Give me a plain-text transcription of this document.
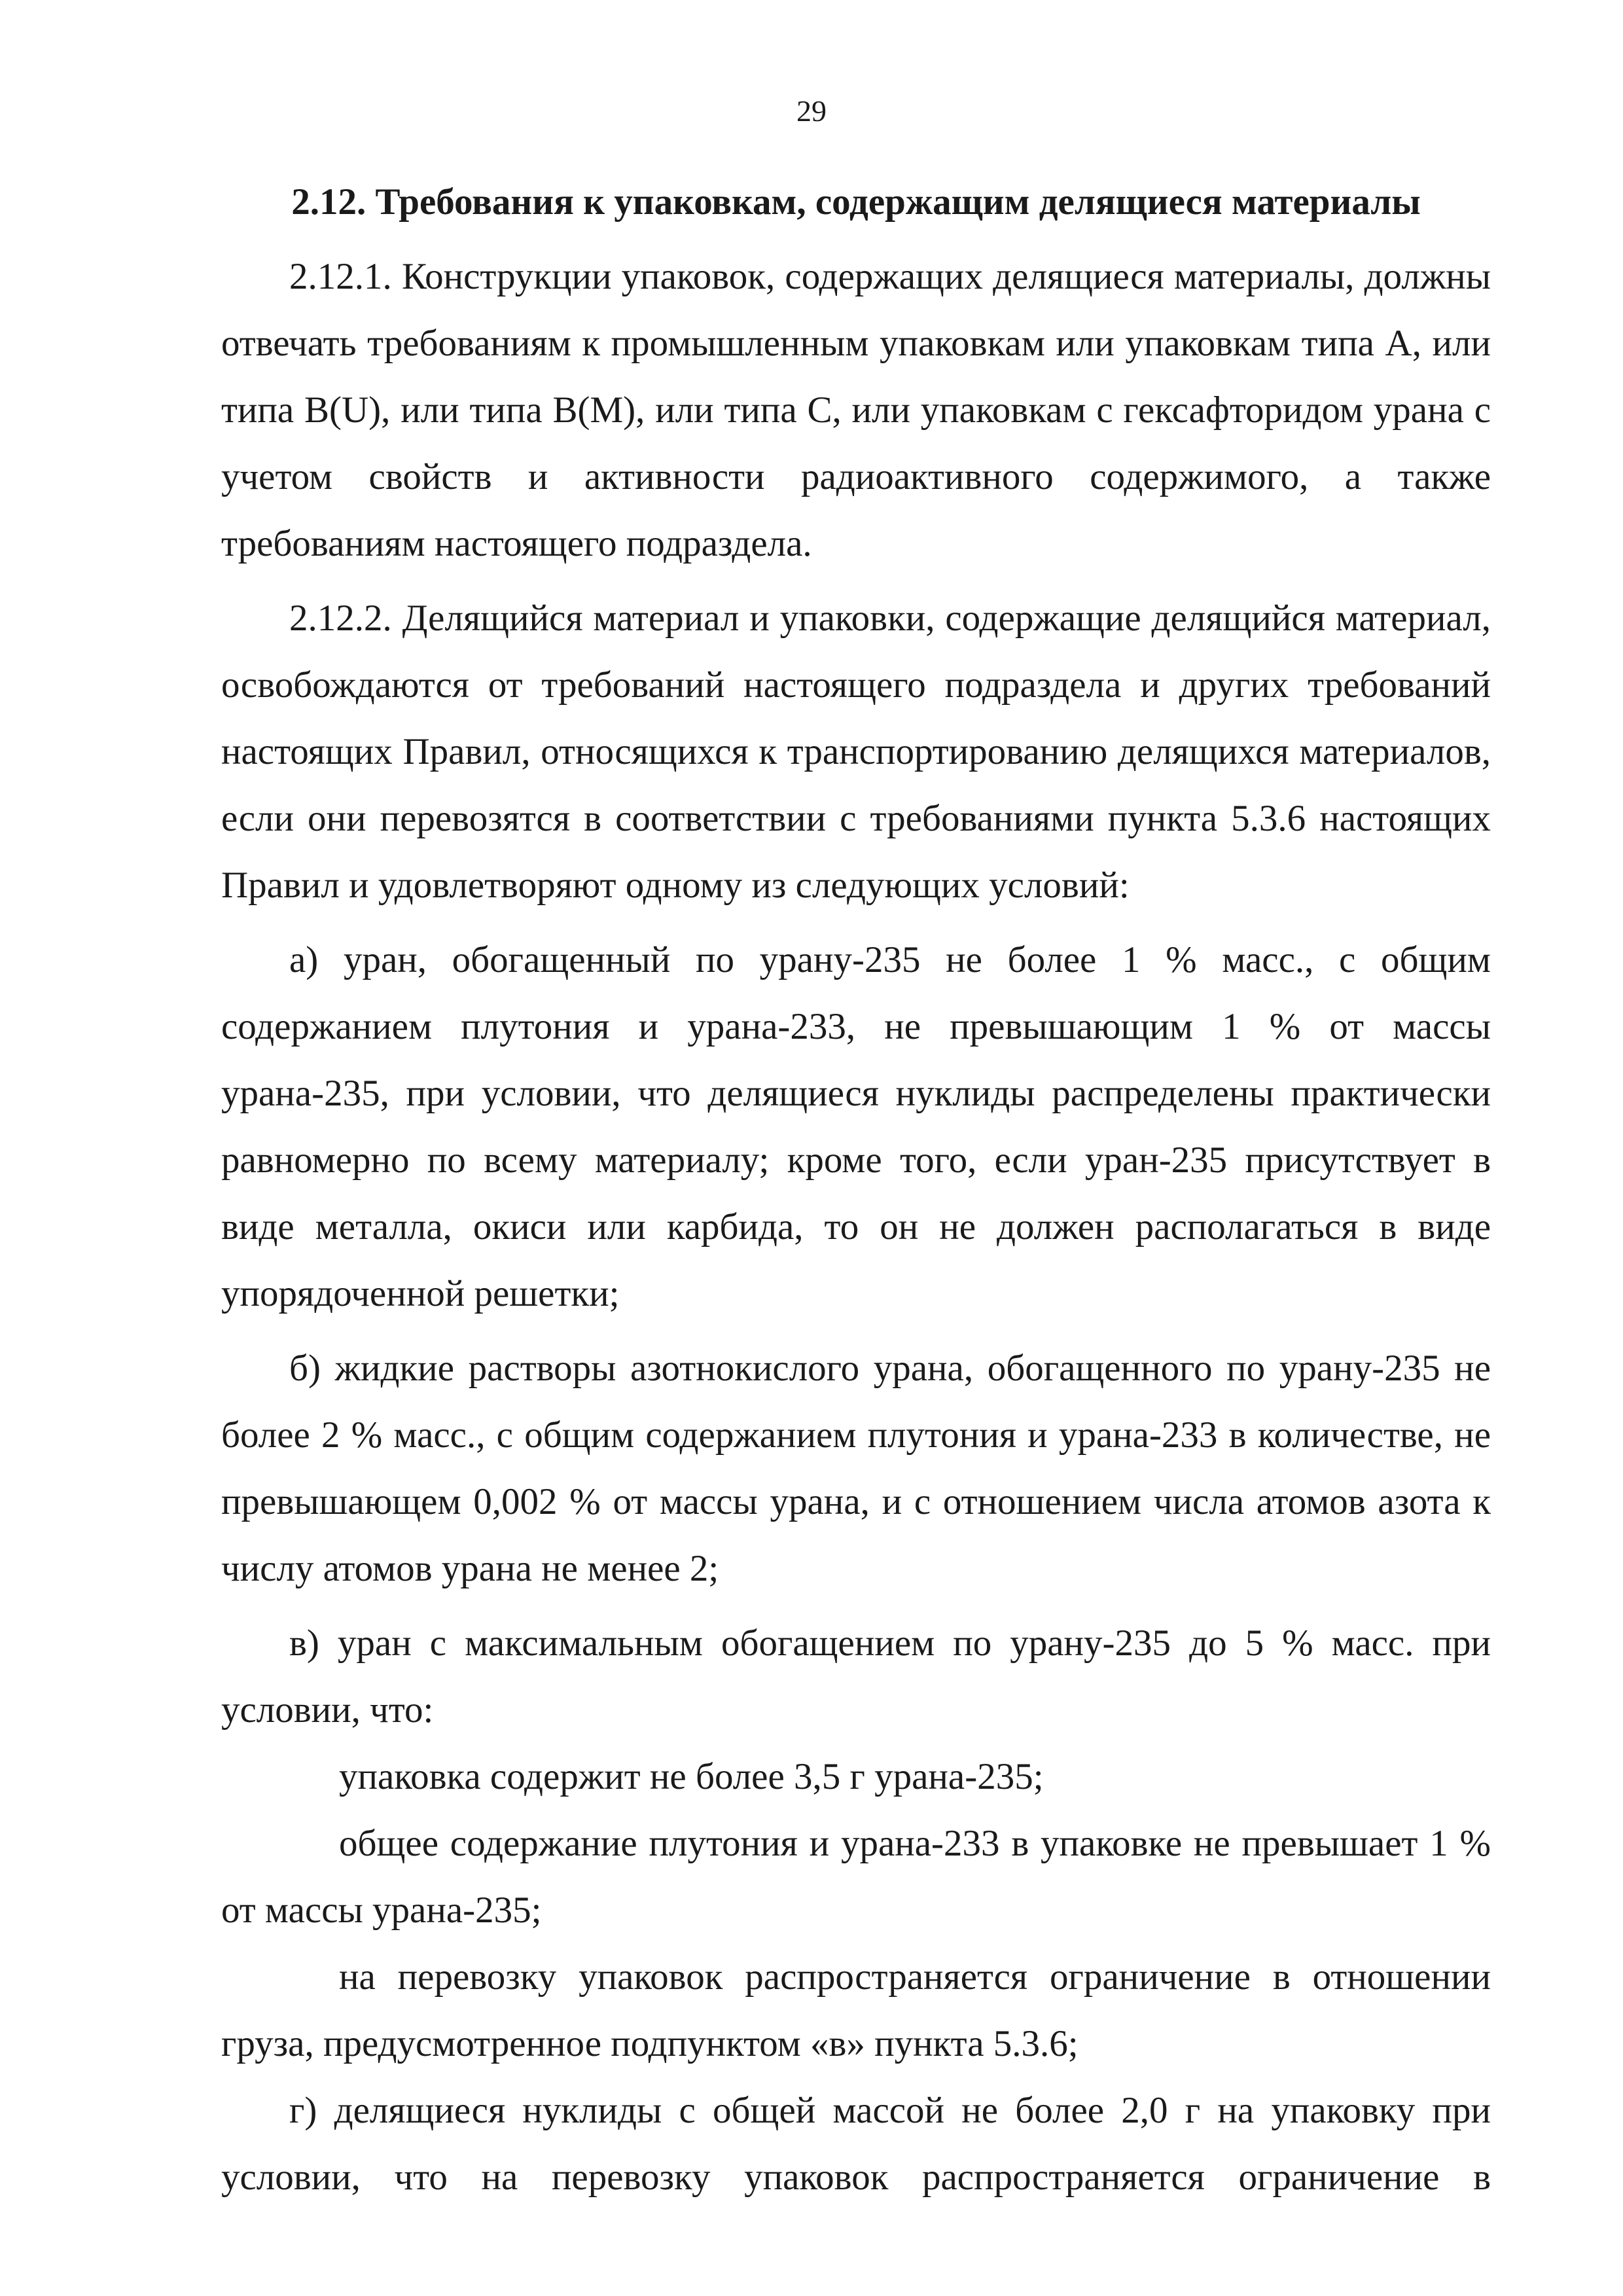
29
2.12. Требования к упаковкам, содержащим делящиеся материалы

2.12.1. Конструкции упаковок, содержащих делящиеся материалы, должны отвечать требованиям к промышленным упаковкам или упаковкам типа А, или типа B(U), или типа B(M), или типа С, или упаковкам с гексафторидом урана с учетом свойств и активности радиоактивного содержимого, а также требованиям настоящего подраздела.

2.12.2. Делящийся материал и упаковки, содержащие делящийся материал, освобождаются от требований настоящего подраздела и других требований настоящих Правил, относящихся к транспортированию делящихся материалов, если они перевозятся в соответствии с требованиями пункта 5.3.6 настоящих Правил и удовлетворяют одному из следующих условий:

а) уран, обогащенный по урану-235 не более 1 % масс., с общим содержанием плутония и урана-233, не превышающим 1 % от массы урана-235, при условии, что делящиеся нуклиды распределены практически равномерно по всему материалу; кроме того, если уран-235 присутствует в виде металла, окиси или карбида, то он не должен располагаться в виде упорядоченной решетки;

б) жидкие растворы азотнокислого урана, обогащенного по урану-235 не более 2 % масс., с общим содержанием плутония и урана-233 в количестве, не превышающем 0,002 % от массы урана, и с отношением числа атомов азота к числу атомов урана не менее 2;

в) уран с максимальным обогащением по урану-235 до 5 % масс. при условии, что:

упаковка содержит не более 3,5 г урана-235;

общее содержание плутония и урана-233 в упаковке не превышает 1 % от массы урана-235;

на перевозку упаковок распространяется ограничение в отношении груза, предусмотренное подпунктом «в» пункта 5.3.6;

г) делящиеся нуклиды с общей массой не более 2,0 г на упаковку при условии, что на перевозку упаковок распространяется ограничение в
